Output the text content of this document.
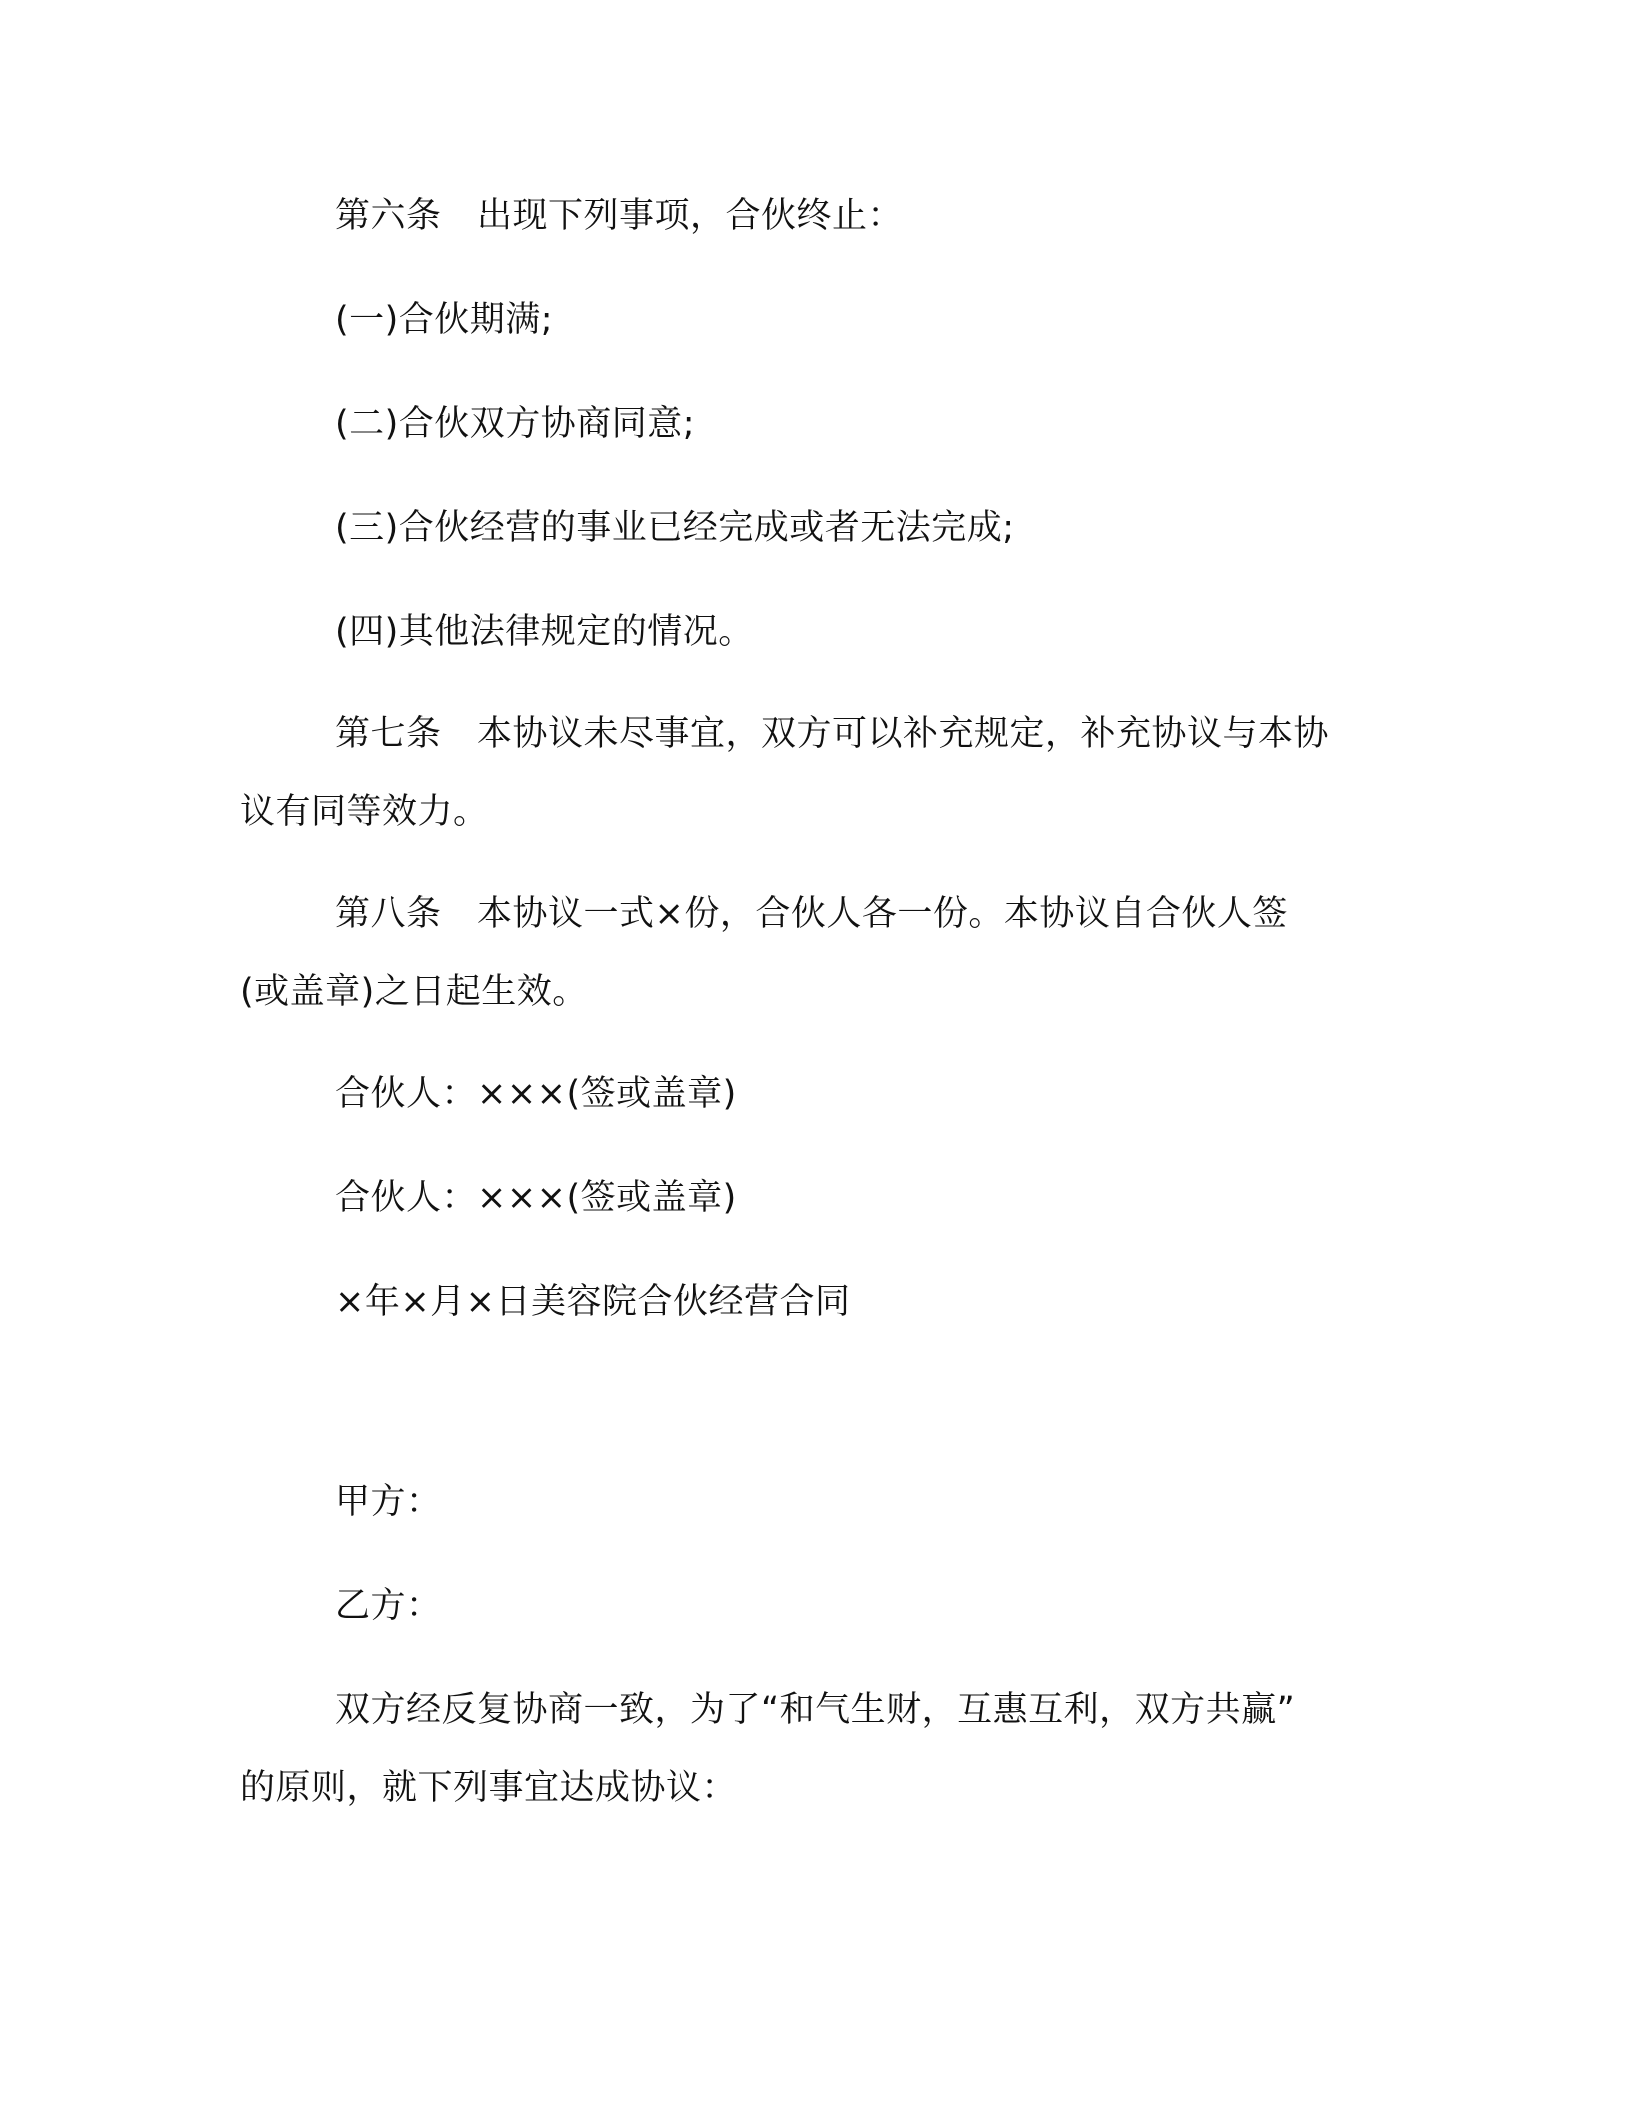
第六条　出现下列事项，合伙终止：
(一)合伙期满;
(二)合伙双方协商同意;
(三)合伙经营的事业已经完成或者无法完成;
(四)其他法律规定的情况。
第七条　本协议未尽事宜，双方可以补充规定，补充协议与本协
议有同等效力。
第八条　本协议一式×份，合伙人各一份。本协议自合伙人签
(或盖章)之日起生效。
合伙人：×××(签或盖章)
合伙人：×××(签或盖章)
×年×月×日美容院合伙经营合同
甲方：
乙方：
双方经反复协商一致，为了“和气生财，互惠互利，双方共赢”
的原则，就下列事宜达成协议：
